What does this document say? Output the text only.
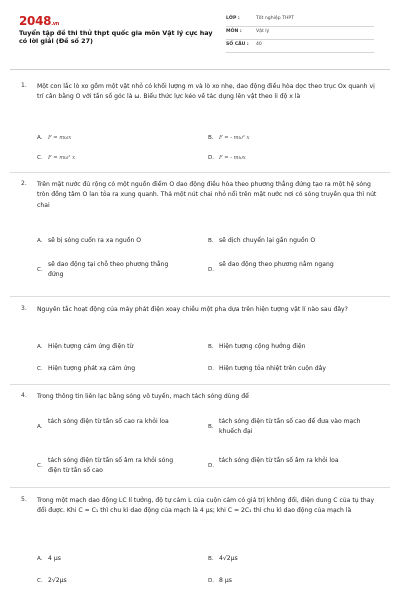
2048.vn
Tuyển tập đề thi thử thpt quốc gia môn Vật lý cực hay có lời giải (Đề số 27)
LỚP :	Tốt nghiệp THPT
MÔN :	Vật lý
SỐ CÂU : 40
1. Một con lắc lò xo gồm một vật nhỏ có khối lượng m và lò xo nhẹ, dao động điều hòa dọc theo trục Ox quanh vị trí cân bằng O với tần số góc là ω. Biểu thức lực kéo về tác dụng lên vật theo li độ x là
A. F = mωx	B. F = - mω² x
C. F = mω² x	D. F = - mωx
2. Trên mặt nước đủ rộng có một nguồn điểm O dao động điều hòa theo phương thẳng đứng tạo ra một hệ sóng tròn đồng tâm O lan tỏa ra xung quanh. Thả một nút chai nhỏ nổi trên mặt nước nơi có sóng truyền qua thì nút chai
A. sẽ bị sóng cuốn ra xa nguồn O	B. sẽ dịch chuyển lại gần nguồn O
C.
sẽ dao động tại chỗ theo phương thẳng đứng
D.
sẽ dao động theo phương nằm ngang
3. Nguyên tắc hoạt động của máy phát điện xoay chiều một pha dựa trên hiện tượng vật lí nào sau đây?
A. Hiện tượng cảm ứng điện từ	B. Hiện tượng cộng hưởng điện
C. Hiện tượng phát xạ cảm ứng	D. Hiện tượng tỏa nhiệt trên cuộn dây
4. Trong thông tin liên lạc bằng sóng vô tuyến, mạch tách sóng dùng để
A.
tách sóng điện từ tần số cao ra khỏi loa
B.
tách sóng điện từ tần số cao để đưa vào mạch khuếch đại
C.
tách sóng điện từ tần số âm ra khỏi sóng điện từ tần số cao
D.
tách sóng điện từ tần số âm ra khỏi loa
5. Trong một mạch dao động LC lí tưởng, độ tự cảm L của cuộn cảm có giá trị không đổi, điện dung C của tụ thay đổi được. Khi C = C₁ thì chu kì dao động của mạch là 4 μs; khi C = 2C₁ thì chu kì dao động của mạch là
A. 4 μs	B. 4√2μs
C. 2√2μs	D. 8 μs
